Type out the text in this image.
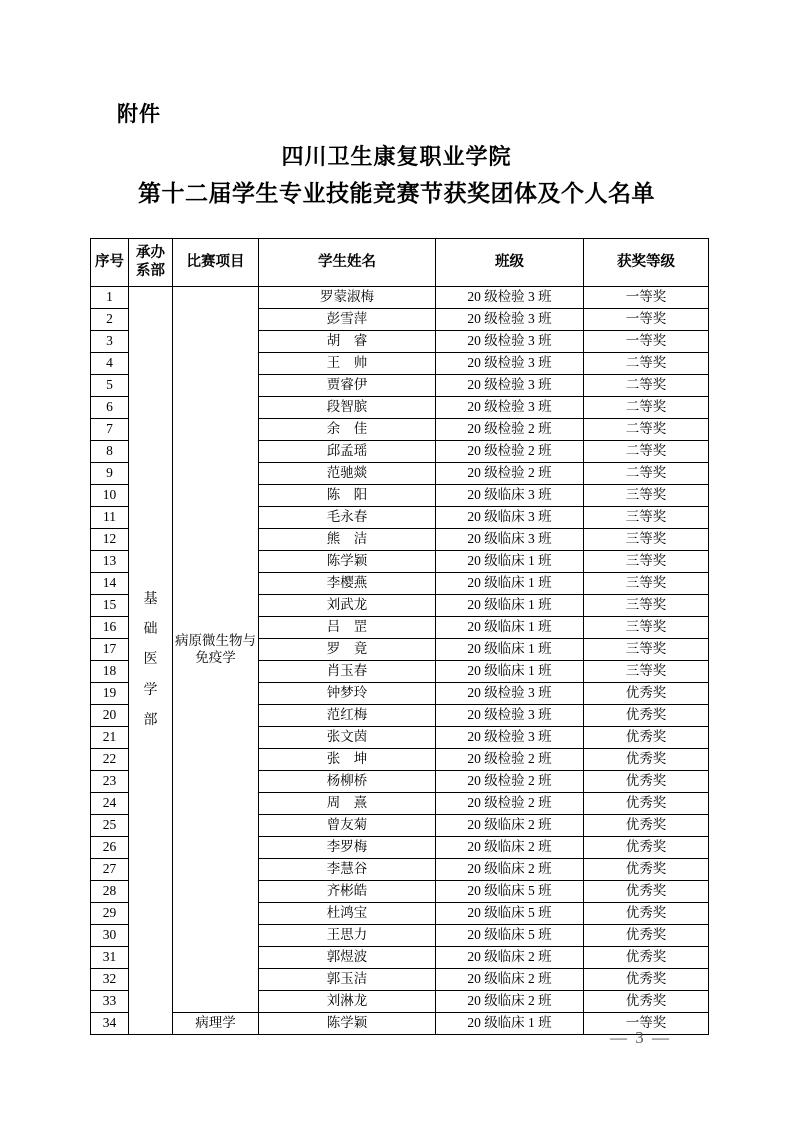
附件
四川卫生康复职业学院
第十二届学生专业技能竞赛节获奖团体及个人名单
序号	承办系部	比赛项目	学生姓名	班级	获奖等级
1	基础医学部	病原微生物与免疫学	罗蒙淑梅	20 级检验 3 班	一等奖
2			彭雪萍	20 级检验 3 班	一等奖
3			胡　睿	20 级检验 3 班	一等奖
4			王　帅	20 级检验 3 班	二等奖
5			贾睿伊	20 级检验 3 班	二等奖
6			段智膑	20 级检验 3 班	二等奖
7			余　佳	20 级检验 2 班	二等奖
8			邱孟瑶	20 级检验 2 班	二等奖
9			范驰燚	20 级检验 2 班	二等奖
10			陈　阳	20 级临床 3 班	三等奖
11			毛永春	20 级临床 3 班	三等奖
12			熊　洁	20 级临床 3 班	三等奖
13			陈学颖	20 级临床 1 班	三等奖
14			李樱燕	20 级临床 1 班	三等奖
15			刘武龙	20 级临床 1 班	三等奖
16			吕　罡	20 级临床 1 班	三等奖
17			罗　竟	20 级临床 1 班	三等奖
18			肖玉春	20 级临床 1 班	三等奖
19			钟梦玲	20 级检验 3 班	优秀奖
20			范红梅	20 级检验 3 班	优秀奖
21			张文茵	20 级检验 3 班	优秀奖
22			张　坤	20 级检验 2 班	优秀奖
23			杨柳桥	20 级检验 2 班	优秀奖
24			周　熹	20 级检验 2 班	优秀奖
25			曾友菊	20 级临床 2 班	优秀奖
26			李罗梅	20 级临床 2 班	优秀奖
27			李慧谷	20 级临床 2 班	优秀奖
28			齐彬皓	20 级临床 5 班	优秀奖
29			杜鸿宝	20 级临床 5 班	优秀奖
30			王思力	20 级临床 5 班	优秀奖
31			郭煜波	20 级临床 2 班	优秀奖
32			郭玉洁	20 级临床 2 班	优秀奖
33			刘淋龙	20 级临床 2 班	优秀奖
34		病理学	陈学颖	20 级临床 1 班	一等奖
— 3 —
